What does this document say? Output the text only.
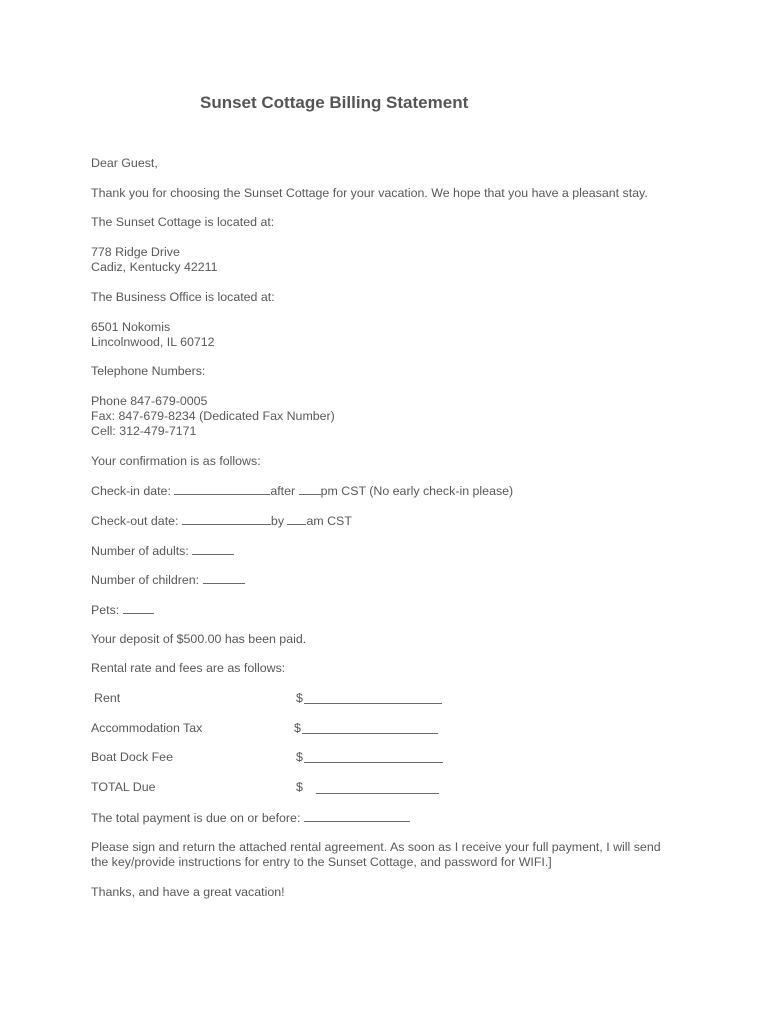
Sunset Cottage Billing Statement

Dear Guest,

Thank you for choosing the Sunset Cottage for your vacation. We hope that you have a pleasant stay.

The Sunset Cottage is located at:

778 Ridge Drive

Cadiz, Kentucky 42211

The Business Office is located at:

6501 Nokomis

Lincolnwood, IL 60712

Telephone Numbers:

Phone 847-679-0005

Fax: 847-679-8234 (Dedicated Fax Number)

Cell: 312-479-7171

Your confirmation is as follows:

Check-in date:	after pm CST (No early check-in please)

Check-out date:	by am CST

Number of adults:

Number of children:

Pets:

Your deposit of $500.00 has been paid.

Rental rate and fees are as follows:

Rent	$
Accommodation Tax	$
Boat Dock Fee	$
TOTAL Due	$

The total payment is due on or before:

Please sign and return the attached rental agreement. As soon as I receive your full payment, I will send the key/provide instructions for entry to the Sunset Cottage, and password for WIFI.]

Thanks, and have a great vacation!
